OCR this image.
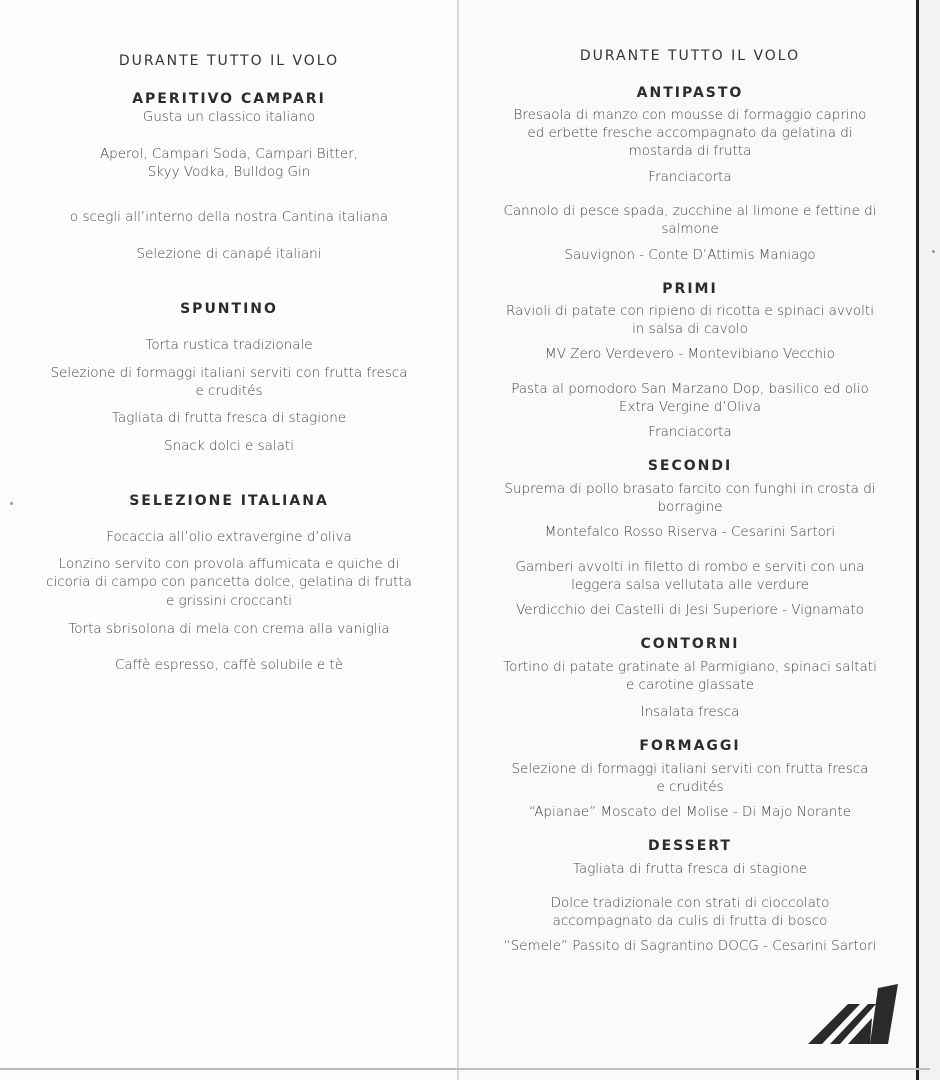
DURANTE TUTTO IL VOLO
APERITIVO CAMPARI
Gusta un classico italiano
Aperol, Campari Soda, Campari Bitter,
Skyy Vodka, Bulldog Gin
o scegli all’interno della nostra Cantina italiana
Selezione di canapé italiani
SPUNTINO
Torta rustica tradizionale
Selezione di formaggi italiani serviti con frutta fresca
e crudités
Tagliata di frutta fresca di stagione
Snack dolci e salati
SELEZIONE ITALIANA
Focaccia all’olio extravergine d’oliva
Lonzino servito con provola affumicata e quiche di
cicoria di campo con pancetta dolce, gelatina di frutta
e grissini croccanti
Torta sbrisolona di mela con crema alla vaniglia
Caffè espresso, caffè solubile e tè
DURANTE TUTTO IL VOLO
ANTIPASTO
Bresaola di manzo con mousse di formaggio caprino
ed erbette fresche accompagnato da gelatina di
mostarda di frutta
Franciacorta
Cannolo di pesce spada, zucchine al limone e fettine di
salmone
Sauvignon - Conte D’Attimis Maniago
PRIMI
Ravioli di patate con ripieno di ricotta e spinaci avvolti
in salsa di cavolo
MV Zero Verdevero - Montevibiano Vecchio
Pasta al pomodoro San Marzano Dop, basilico ed olio
Extra Vergine d’Oliva
Franciacorta
SECONDI
Suprema di pollo brasato farcito con funghi in crosta di
borragine
Montefalco Rosso Riserva - Cesarini Sartori
Gamberi avvolti in filetto di rombo e serviti con una
leggera salsa vellutata alle verdure
Verdicchio dei Castelli di Jesi Superiore - Vignamato
CONTORNI
Tortino di patate gratinate al Parmigiano, spinaci saltati
e carotine glassate
Insalata fresca
FORMAGGI
Selezione di formaggi italiani serviti con frutta fresca
e crudités
“Apianae” Moscato del Molise - Di Majo Norante
DESSERT
Tagliata di frutta fresca di stagione
Dolce tradizionale con strati di cioccolato
accompagnato da culis di frutta di bosco
“Semele” Passito di Sagrantino DOCG - Cesarini Sartori
